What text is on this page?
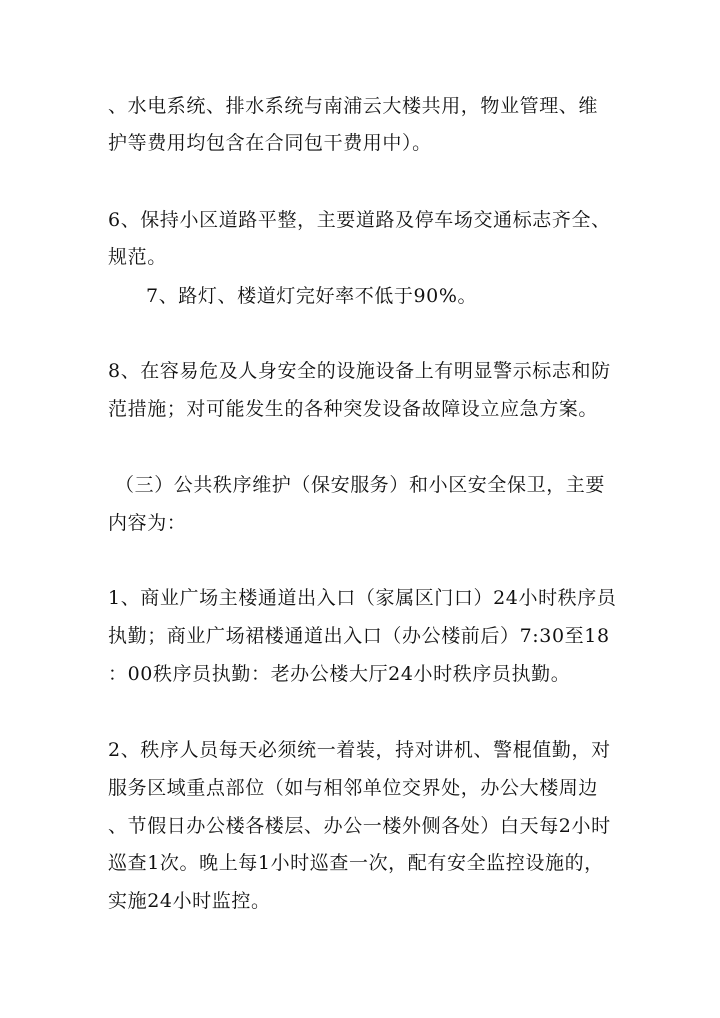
、水电系统、排水系统与南浦云大楼共用，物业管理、维
护等费用均包含在合同包干费用中）。
6、保持小区道路平整，主要道路及停车场交通标志齐全、
规范。
7、路灯、楼道灯完好率不低于90%。
8、在容易危及人身安全的设施设备上有明显警示标志和防
范措施；对可能发生的各种突发设备故障设立应急方案。
（三）公共秩序维护（保安服务）和小区安全保卫，主要
内容为：
1、商业广场主楼通道出入口（家属区门口）24小时秩序员
执勤；商业广场裙楼通道出入口（办公楼前后）7:30至18
：00秩序员执勤：老办公楼大厅24小时秩序员执勤。
2、秩序人员每天必须统一着装，持对讲机、警棍值勤，对
服务区域重点部位（如与相邻单位交界处，办公大楼周边
、节假日办公楼各楼层、办公一楼外侧各处）白天每2小时
巡查1次。晚上每1小时巡查一次，配有安全监控设施的，
实施24小时监控。
